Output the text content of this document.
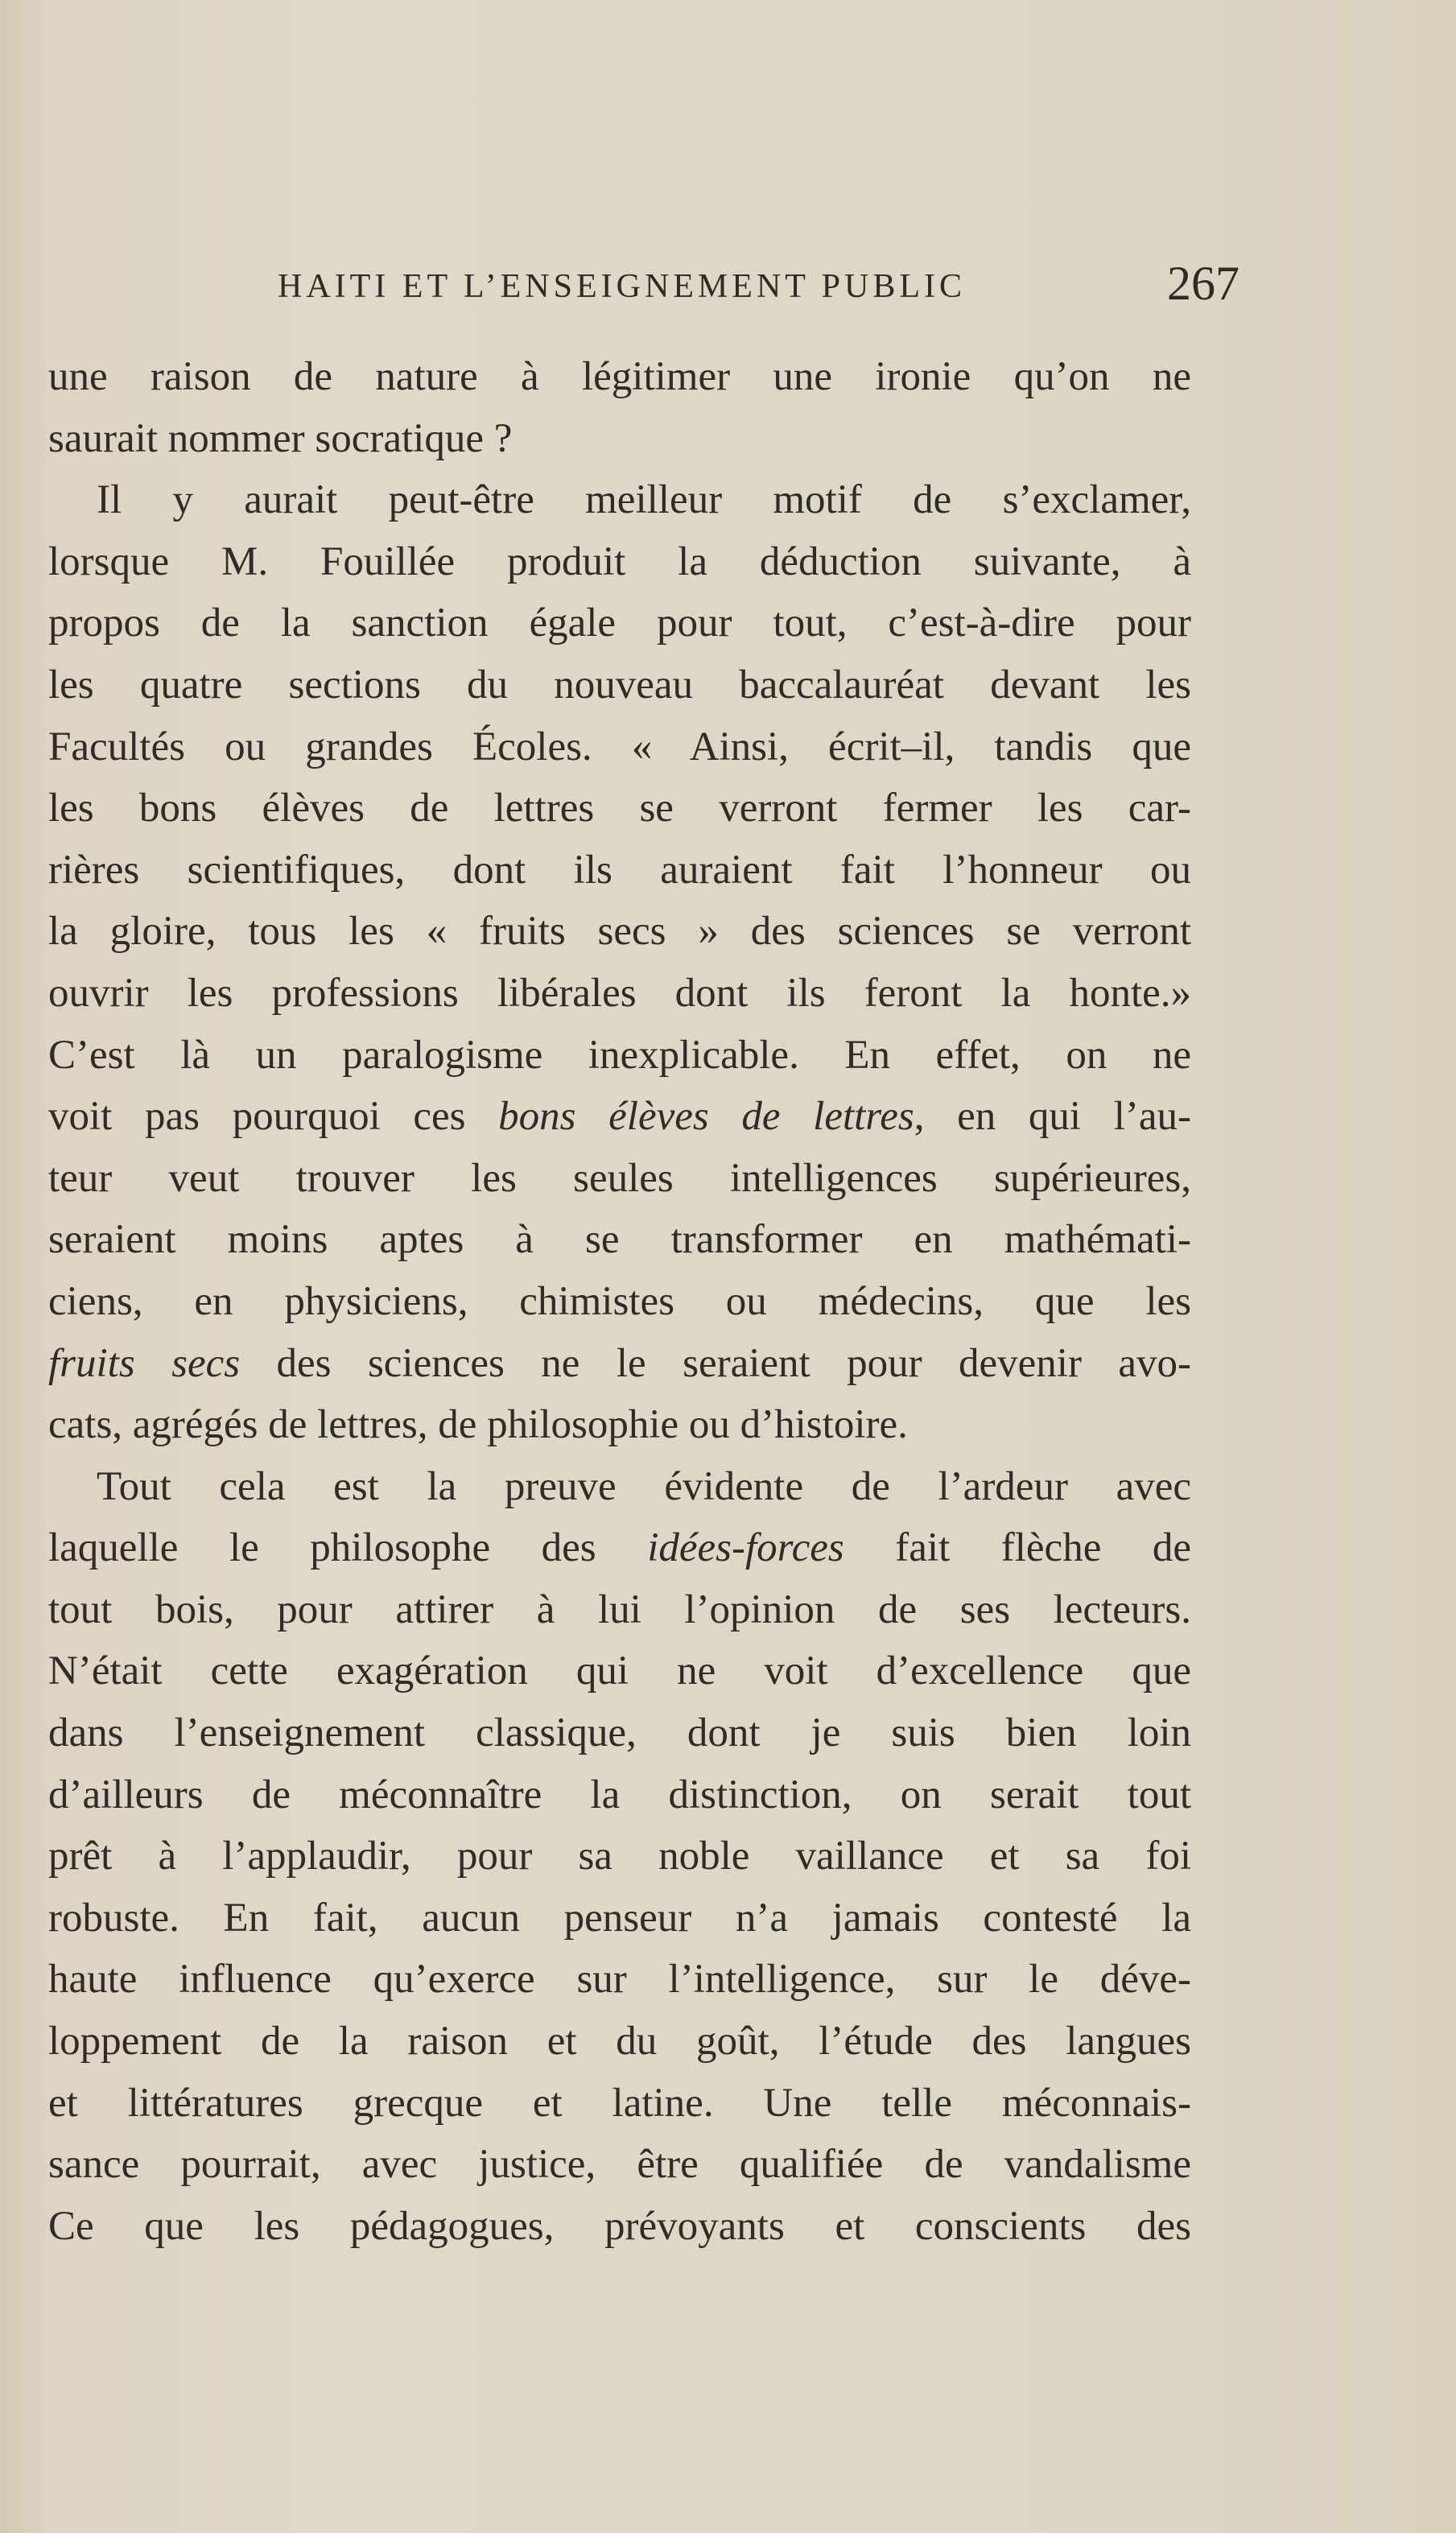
HAITI ET L’ENSEIGNEMENT PUBLIC	267
une raison de nature à légitimer une ironie qu’on ne
saurait nommer socratique ?
Il y aurait peut-être meilleur motif de s’exclamer,
lorsque M. Fouillée produit la déduction suivante, à
propos de la sanction égale pour tout, c’est-à-dire pour
les quatre sections du nouveau baccalauréat devant les
Facultés ou grandes Écoles. « Ainsi, écrit–il, tandis que
les bons élèves de lettres se verront fermer les car-
rières scientifiques, dont ils auraient fait l’honneur ou
la gloire, tous les « fruits secs » des sciences se verront
ouvrir les professions libérales dont ils feront la honte.»
C’est là un paralogisme inexplicable. En effet, on ne
voit pas pourquoi ces bons élèves de lettres, en qui l’au-
teur veut trouver les seules intelligences supérieures,
seraient moins aptes à se transformer en mathémati-
ciens, en physiciens, chimistes ou médecins, que les
fruits secs des sciences ne le seraient pour devenir avo-
cats, agrégés de lettres, de philosophie ou d’histoire.
Tout cela est la preuve évidente de l’ardeur avec
laquelle le philosophe des idées-forces fait flèche de
tout bois, pour attirer à lui l’opinion de ses lecteurs.
N’était cette exagération qui ne voit d’excellence que
dans l’enseignement classique, dont je suis bien loin
d’ailleurs de méconnaître la distinction, on serait tout
prêt à l’applaudir, pour sa noble vaillance et sa foi
robuste. En fait, aucun penseur n’a jamais contesté la
haute influence qu’exerce sur l’intelligence, sur le déve-
loppement de la raison et du goût, l’étude des langues
et littératures grecque et latine. Une telle méconnais-
sance pourrait, avec justice, être qualifiée de vandalisme
Ce que les pédagogues, prévoyants et conscients des
